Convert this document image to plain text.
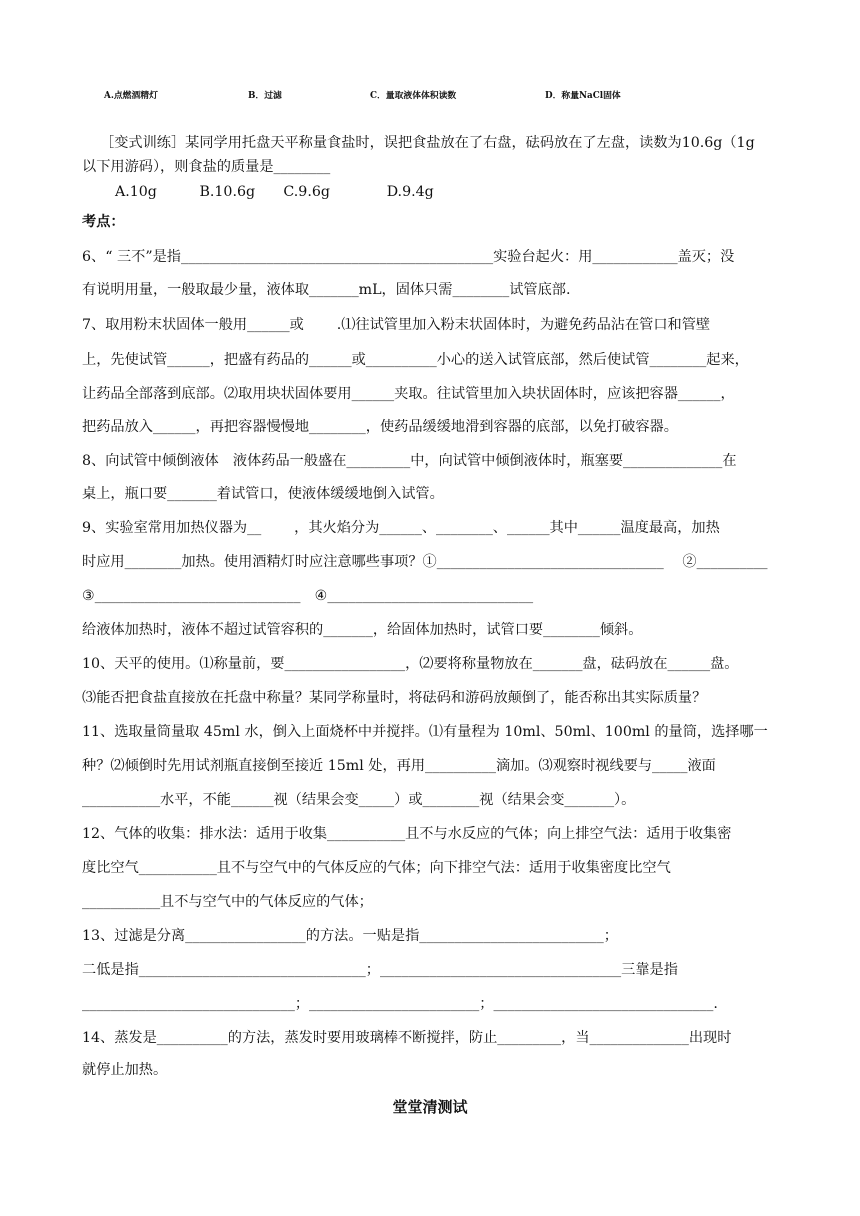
A.点燃酒精灯	B．过滤	C．量取液体体积读数	D．称量NaCl固体
［变式训练］某同学用托盘天平称量食盐时，误把食盐放在了右盘，砝码放在了左盘，读数为10.6g（1g
以下用游码），则食盐的质量是________
A.10g　　　B.10.6g　　C.9.6g　　　　D.9.4g
考点：
6、“ 三不”是指____________________________________________实验台起火：用____________盖灭；没
有说明用量，一般取最少量，液体取_______mL，固体只需________试管底部.
7、取用粉末状固体一般用______或　　 .⑴往试管里加入粉末状固体时，为避免药品沾在管口和管壁
上，先使试管______，把盛有药品的______或__________小心的送入试管底部，然后使试管________起来，
让药品全部落到底部。⑵取用块状固体要用______夹取。往试管里加入块状固体时，应该把容器______，
把药品放入______，再把容器慢慢地________，使药品缓缓地滑到容器的底部，以免打破容器。
8、向试管中倾倒液体　液体药品一般盛在_________中，向试管中倾倒液体时，瓶塞要______________在
桌上，瓶口要_______着试管口，使液体缓缓地倒入试管。
9、实验室常用加热仪器为__　　 ，其火焰分为______、________、______其中______温度最高，加热
时应用________加热。使用酒精灯时应注意哪些事项？①________________________________　 ②__________
③_____________________________　④_____________________________
给液体加热时，液体不超过试管容积的_______，给固体加热时，试管口要________倾斜。
10、天平的使用。⑴称量前，要_________________，⑵要将称量物放在_______盘，砝码放在______盘。
⑶能否把食盐直接放在托盘中称量？某同学称量时，将砝码和游码放颠倒了，能否称出其实际质量？
11、选取量筒量取 45ml 水，倒入上面烧杯中并搅拌。⑴有量程为 10ml、50ml、100ml 的量筒，选择哪一
种？⑵倾倒时先用试剂瓶直接倒至接近 15ml 处，再用__________滴加。⑶观察时视线要与_____液面
___________水平，不能______视（结果会变_____）或________视（结果会变_______）。
12、气体的收集：排水法：适用于收集___________且不与水反应的气体；向上排空气法：适用于收集密
度比空气___________且不与空气中的气体反应的气体；向下排空气法：适用于收集密度比空气
___________且不与空气中的气体反应的气体；
13、过滤是分离_________________的方法。一贴是指__________________________；
二低是指________________________________；__________________________________三靠是指
______________________________；________________________；_______________________________.
14、蒸发是__________的方法，蒸发时要用玻璃棒不断搅拌，防止_________，当______________出现时
就停止加热。
堂堂清测试
